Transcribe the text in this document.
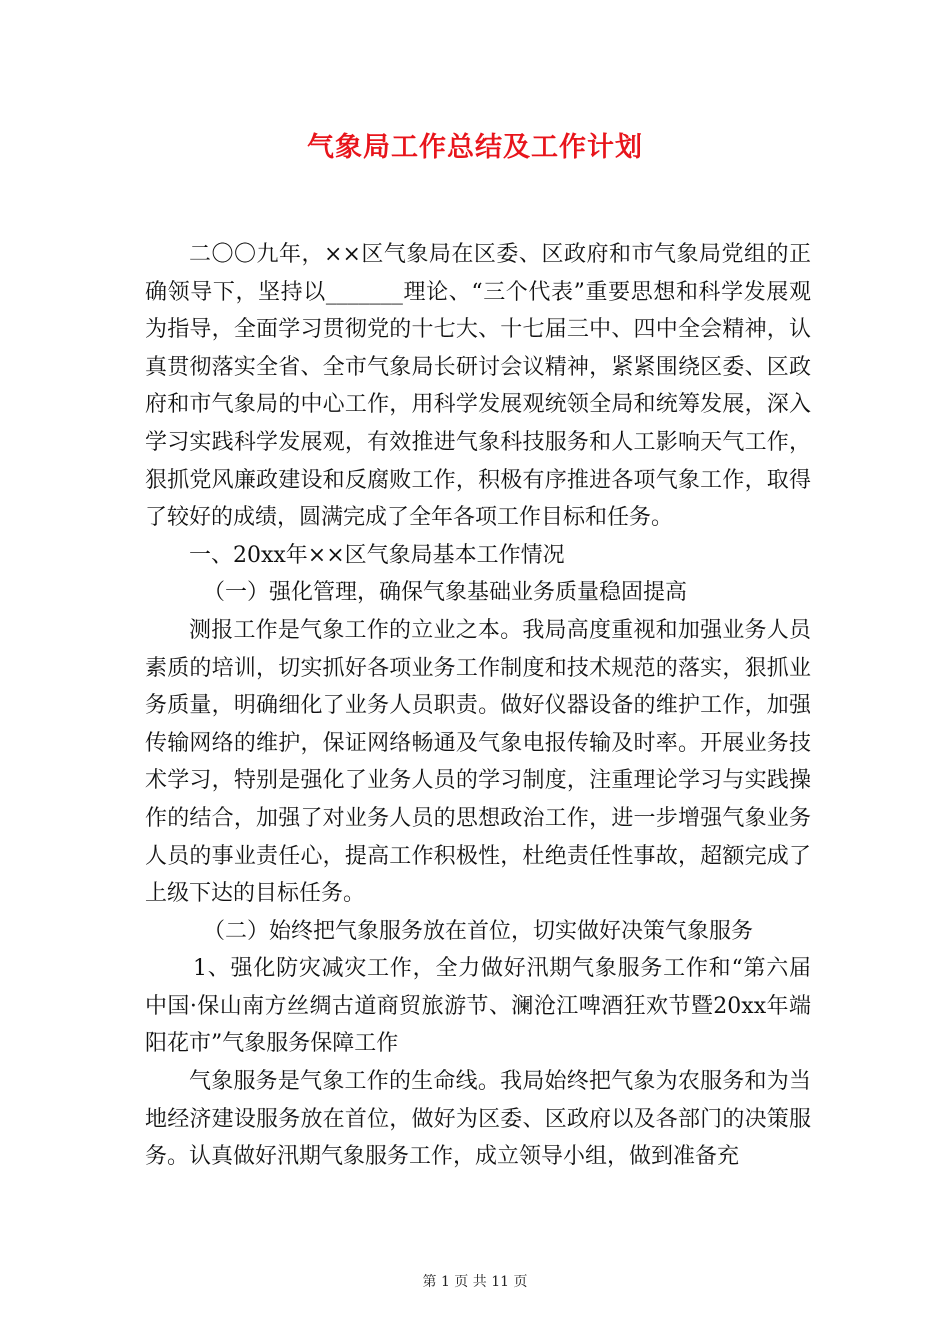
气象局工作总结及工作计划

二〇〇九年，××区气象局在区委、区政府和市气象局党组的正确领导下，坚持以_______理论、“三个代表”重要思想和科学发展观为指导，全面学习贯彻党的十七大、十七届三中、四中全会精神，认真贯彻落实全省、全市气象局长研讨会议精神，紧紧围绕区委、区政府和市气象局的中心工作，用科学发展观统领全局和统筹发展，深入学习实践科学发展观，有效推进气象科技服务和人工影响天气工作，狠抓党风廉政建设和反腐败工作，积极有序推进各项气象工作，取得了较好的成绩，圆满完成了全年各项工作目标和任务。

一、20xx年××区气象局基本工作情况

（一）强化管理，确保气象基础业务质量稳固提高

测报工作是气象工作的立业之本。我局高度重视和加强业务人员素质的培训，切实抓好各项业务工作制度和技术规范的落实，狠抓业务质量，明确细化了业务人员职责。做好仪器设备的维护工作，加强传输网络的维护，保证网络畅通及气象电报传输及时率。开展业务技术学习，特别是强化了业务人员的学习制度，注重理论学习与实践操作的结合，加强了对业务人员的思想政治工作，进一步增强气象业务人员的事业责任心，提高工作积极性，杜绝责任性事故，超额完成了上级下达的目标任务。

（二）始终把气象服务放在首位，切实做好决策气象服务

1、强化防灾减灾工作，全力做好汛期气象服务工作和“第六届中国·保山南方丝绸古道商贸旅游节、澜沧江啤酒狂欢节暨20xx年端阳花市”气象服务保障工作

气象服务是气象工作的生命线。我局始终把气象为农服务和为当地经济建设服务放在首位，做好为区委、区政府以及各部门的决策服务。认真做好汛期气象服务工作，成立领导小组，做到准备充

第 1 页 共 11 页
